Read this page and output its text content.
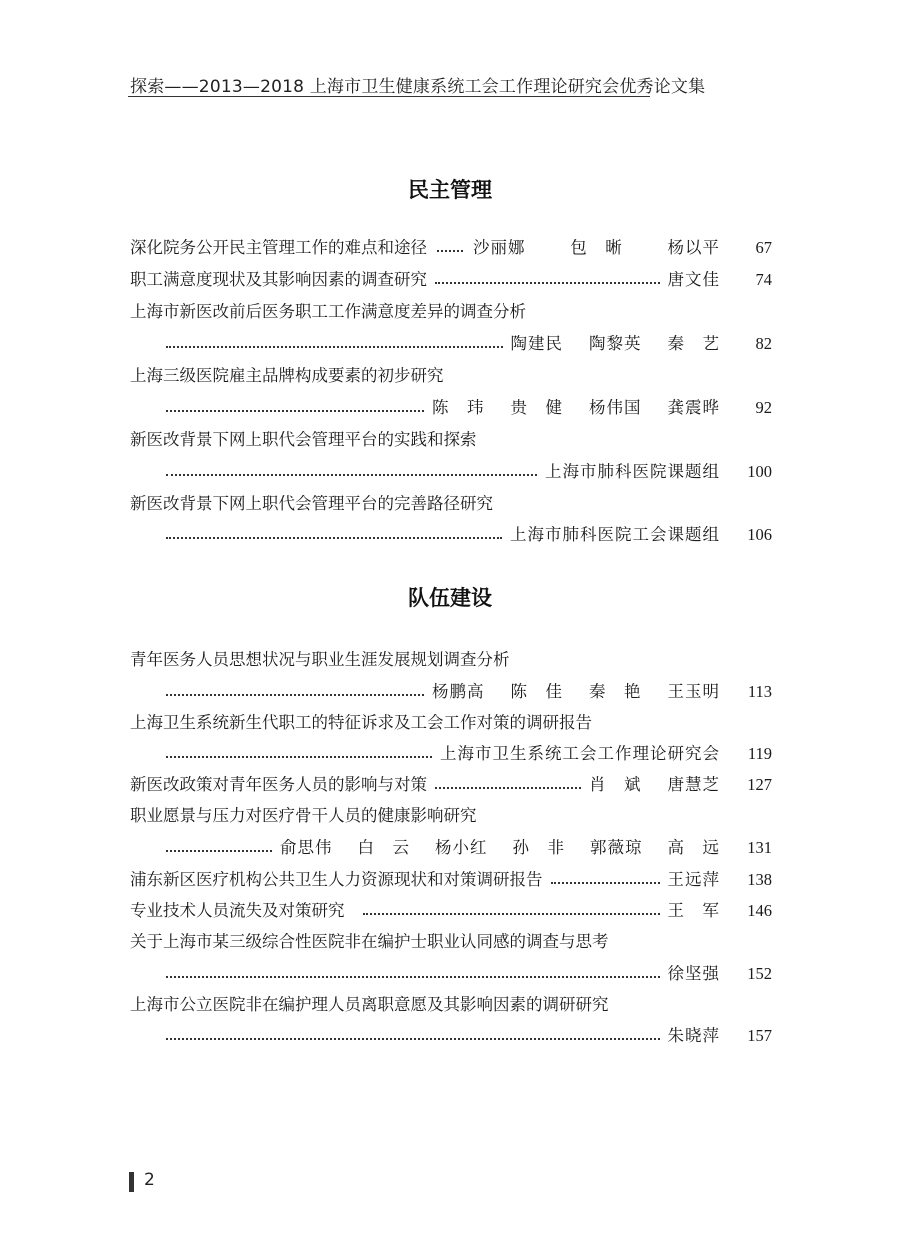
探索——2013—2018 上海市卫生健康系统工会工作理论研究会优秀论文集
民主管理
深化院务公开民主管理工作的难点和途径	沙丽娜	包　晰	杨以平	67
职工满意度现状及其影响因素的调查研究	唐文佳	74
上海市新医改前后医务职工工作满意度差异的调查分析
陶建民 陶黎英 秦　艺	82
上海三级医院雇主品牌构成要素的初步研究
陈　玮 贵　健 杨伟国 龚震晔	92
新医改背景下网上职代会管理平台的实践和探索
上海市肺科医院课题组	100
新医改背景下网上职代会管理平台的完善路径研究
上海市肺科医院工会课题组	106
队伍建设
青年医务人员思想状况与职业生涯发展规划调查分析
杨鹏高 陈　佳 秦　艳 王玉明	113
上海卫生系统新生代职工的特征诉求及工会工作对策的调研报告
上海市卫生系统工会工作理论研究会	119
新医改政策对青年医务人员的影响与对策	肖　斌 唐慧芝	127
职业愿景与压力对医疗骨干人员的健康影响研究
俞思伟 白　云 杨小红 孙　非 郭薇琼 高　远	131
浦东新区医疗机构公共卫生人力资源现状和对策调研报告	王远萍	138
专业技术人员流失及对策研究	王　军	146
关于上海市某三级综合性医院非在编护士职业认同感的调查与思考
徐坚强	152
上海市公立医院非在编护理人员离职意愿及其影响因素的调研研究
朱晓萍	157
2
